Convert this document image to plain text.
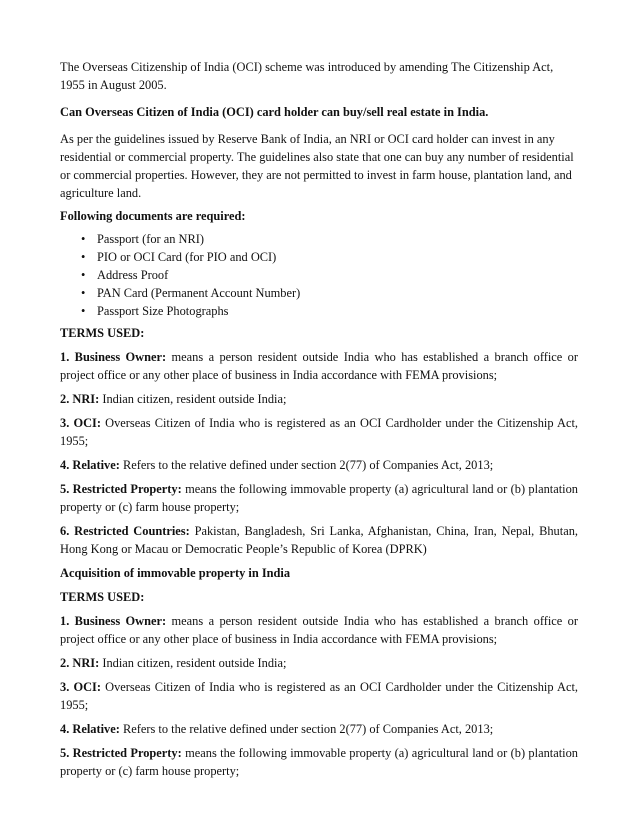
The Overseas Citizenship of India (OCI) scheme was introduced by amending The Citizenship Act, 1955 in August 2005.

Can Overseas Citizen of India (OCI) card holder can buy/sell real estate in India.

As per the guidelines issued by Reserve Bank of India, an NRI or OCI card holder can invest in any residential or commercial property. The guidelines also state that one can buy any number of residential or commercial properties. However, they are not permitted to invest in farm house, plantation land, and agriculture land.

Following documents are required:

• Passport (for an NRI)
• PIO or OCI Card (for PIO and OCI)
• Address Proof
• PAN Card (Permanent Account Number)
• Passport Size Photographs

TERMS USED:

1. Business Owner: means a person resident outside India who has established a branch office or project office or any other place of business in India accordance with FEMA provisions;

2. NRI: Indian citizen, resident outside India;

3. OCI: Overseas Citizen of India who is registered as an OCI Cardholder under the Citizenship Act, 1955;

4. Relative: Refers to the relative defined under section 2(77) of Companies Act, 2013;

5. Restricted Property: means the following immovable property (a) agricultural land or (b) plantation property or (c) farm house property;

6. Restricted Countries: Pakistan, Bangladesh, Sri Lanka, Afghanistan, China, Iran, Nepal, Bhutan, Hong Kong or Macau or Democratic People’s Republic of Korea (DPRK)

Acquisition of immovable property in India

TERMS USED:

1. Business Owner: means a person resident outside India who has established a branch office or project office or any other place of business in India accordance with FEMA provisions;

2. NRI: Indian citizen, resident outside India;

3. OCI: Overseas Citizen of India who is registered as an OCI Cardholder under the Citizenship Act, 1955;

4. Relative: Refers to the relative defined under section 2(77) of Companies Act, 2013;

5. Restricted Property: means the following immovable property (a) agricultural land or (b) plantation property or (c) farm house property;
